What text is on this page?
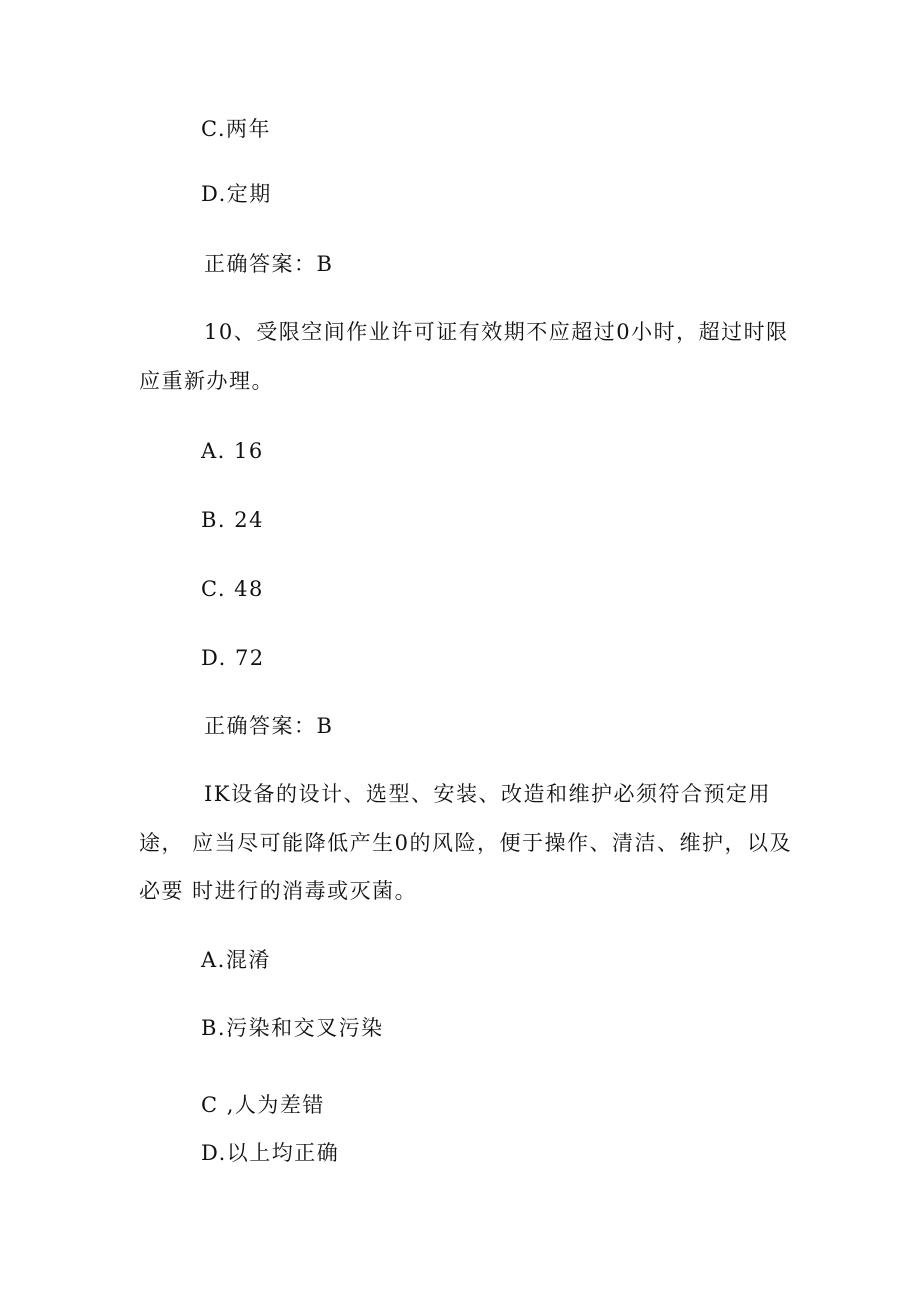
C.两年
D.定期
正确答案：B
10、受限空间作业许可证有效期不应超过0小时，超过时限
应重新办理。
A. 16
B. 24
C. 48
D. 72
正确答案：B
IK设备的设计、选型、安装、改造和维护必须符合预定用
途， 应当尽可能降低产生0的风险，便于操作、清洁、维护，以及
必要 时进行的消毒或灭菌。
A.混淆
B.污染和交叉污染
C ,人为差错
D.以上均正确
